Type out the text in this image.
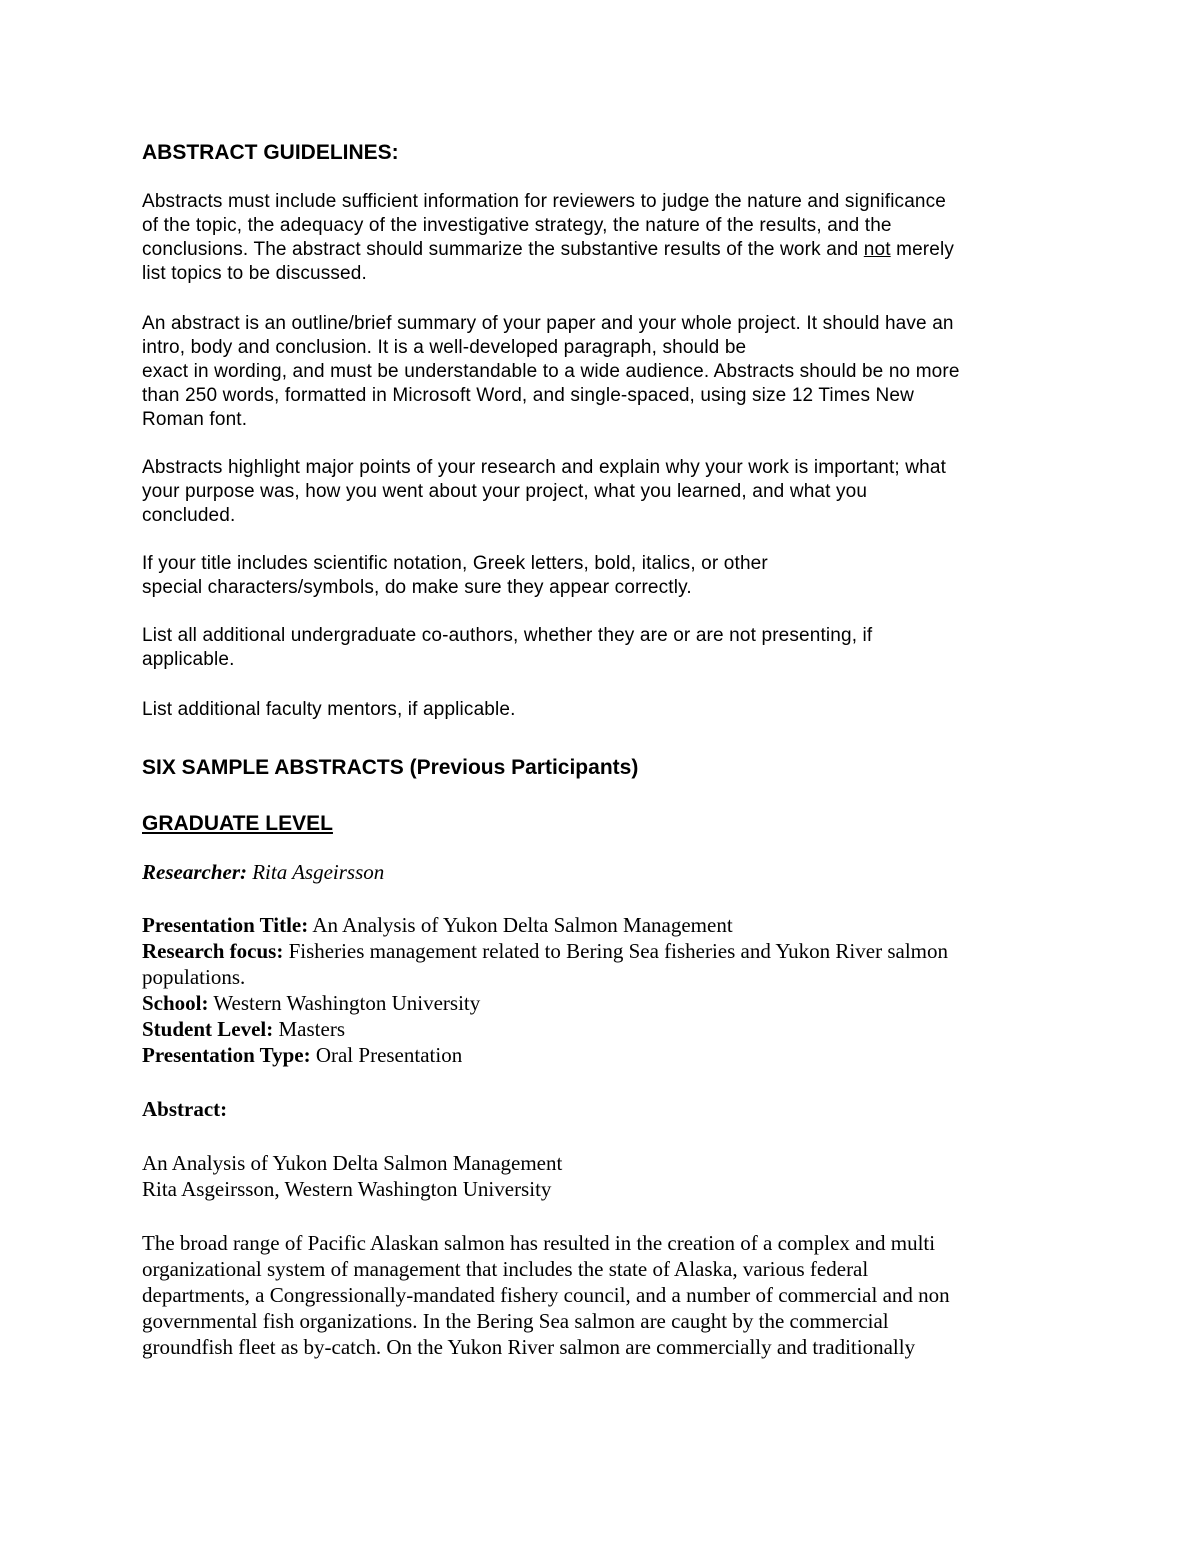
ABSTRACT GUIDELINES:
Abstracts must include sufficient information for reviewers to judge the nature and significance
of the topic, the adequacy of the investigative strategy, the nature of the results, and the
conclusions. The abstract should summarize the substantive results of the work and not merely
list topics to be discussed.
An abstract is an outline/brief summary of your paper and your whole project. It should have an
intro, body and conclusion. It is a well-developed paragraph, should be
exact in wording, and must be understandable to a wide audience. Abstracts should be no more
than 250 words, formatted in Microsoft Word, and single-spaced, using size 12 Times New
Roman font.
Abstracts highlight major points of your research and explain why your work is important; what
your purpose was, how you went about your project, what you learned, and what you
concluded.
If your title includes scientific notation, Greek letters, bold, italics, or other
special characters/symbols, do make sure they appear correctly.
List all additional undergraduate co-authors, whether they are or are not presenting, if
applicable.
List additional faculty mentors, if applicable.
SIX SAMPLE ABSTRACTS (Previous Participants)
GRADUATE LEVEL
Researcher: Rita Asgeirsson
Presentation Title: An Analysis of Yukon Delta Salmon Management
Research focus: Fisheries management related to Bering Sea fisheries and Yukon River salmon
populations.
School: Western Washington University
Student Level: Masters
Presentation Type: Oral Presentation
Abstract:
An Analysis of Yukon Delta Salmon Management
Rita Asgeirsson, Western Washington University
The broad range of Pacific Alaskan salmon has resulted in the creation of a complex and multi
organizational system of management that includes the state of Alaska, various federal
departments, a Congressionally-mandated fishery council, and a number of commercial and non
governmental fish organizations. In the Bering Sea salmon are caught by the commercial
groundfish fleet as by-catch. On the Yukon River salmon are commercially and traditionally
